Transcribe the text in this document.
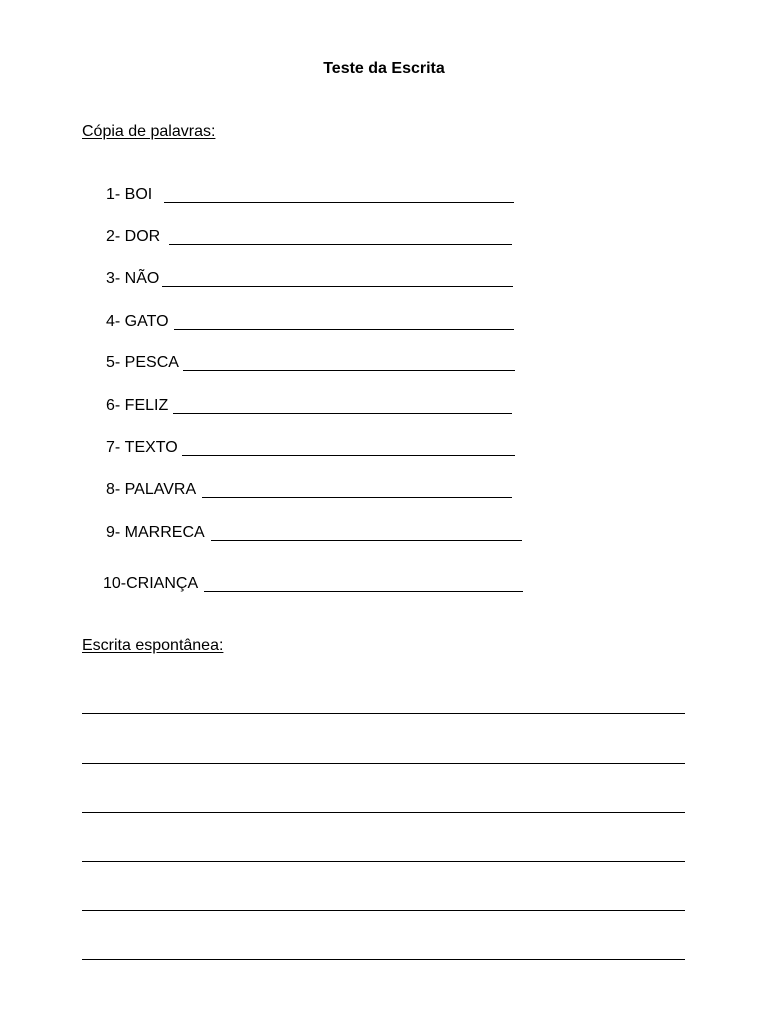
Teste da Escrita
Cópia de palavras:
1- BOI
2- DOR
3- NÃO
4- GATO
5- PESCA
6- FELIZ
7- TEXTO
8- PALAVRA
9- MARRECA
10- CRIANÇA
Escrita espontânea:
